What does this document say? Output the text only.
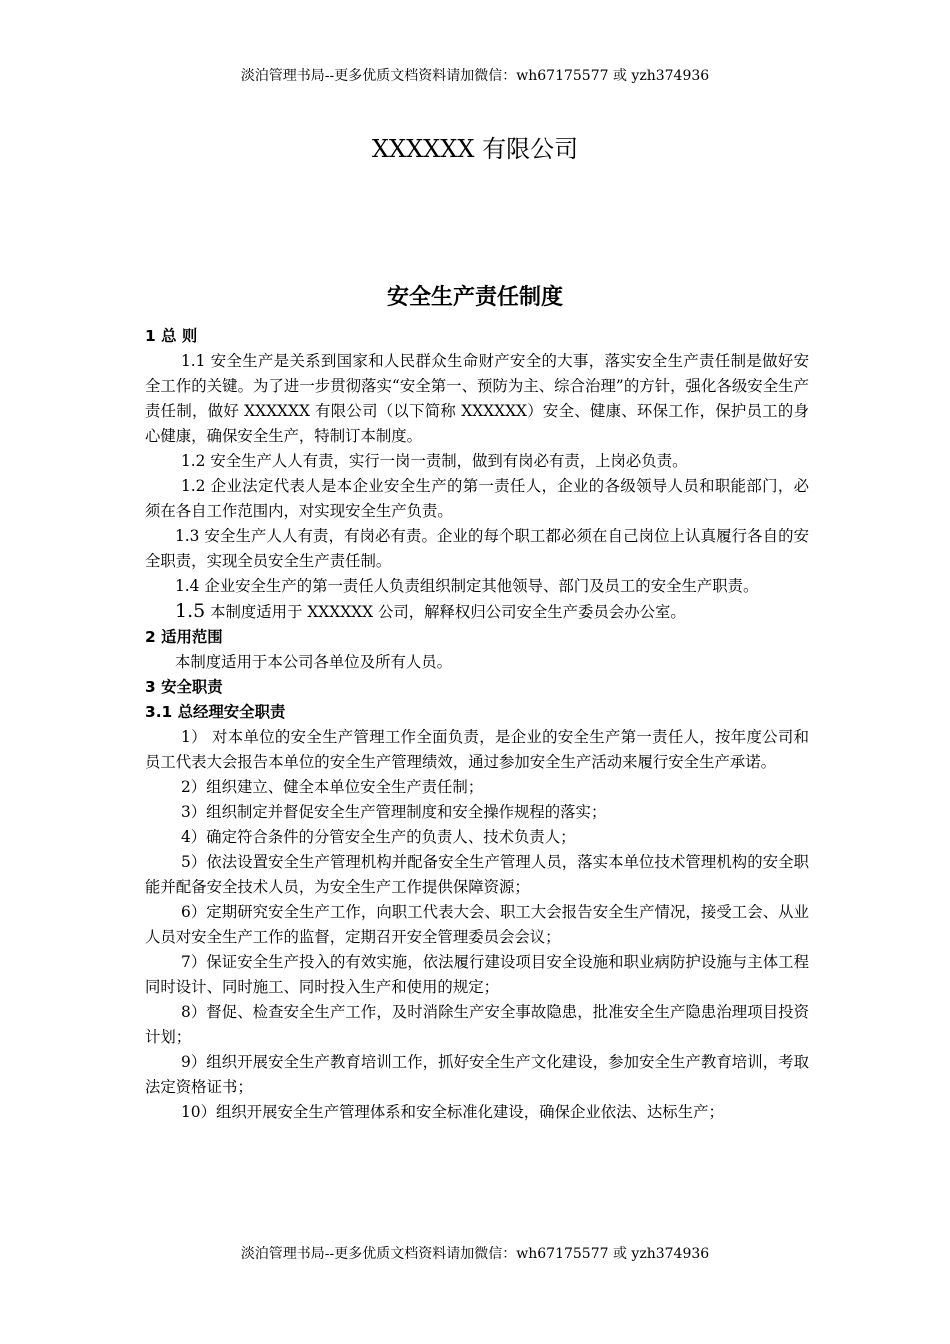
淡泊管理书局--更多优质文档资料请加微信：wh67175577 或 yzh374936
XXXXXX 有限公司
安全生产责任制度

1 总 则

1.1 安全生产是关系到国家和人民群众生命财产安全的大事，落实安全生产责任制是做好安全工作的关键。为了进一步贯彻落实“安全第一、预防为主、综合治理”的方针，强化各级安全生产责任制，做好 XXXXXX 有限公司（以下简称 XXXXXX）安全、健康、环保工作，保护员工的身心健康，确保安全生产，特制订本制度。

1.2 安全生产人人有责，实行一岗一责制，做到有岗必有责，上岗必负责。

1.2 企业法定代表人是本企业安全生产的第一责任人，企业的各级领导人员和职能部门，必须在各自工作范围内，对实现安全生产负责。

1.3 安全生产人人有责，有岗必有责。企业的每个职工都必须在自己岗位上认真履行各自的安全职责，实现全员安全生产责任制。

1.4 企业安全生产的第一责任人负责组织制定其他领导、部门及员工的安全生产职责。

1.5 本制度适用于 XXXXXX 公司，解释权归公司安全生产委员会办公室。

2 适用范围

本制度适用于本公司各单位及所有人员。

3 安全职责

3.1 总经理安全职责

1） 对本单位的安全生产管理工作全面负责，是企业的安全生产第一责任人，按年度公司和员工代表大会报告本单位的安全生产管理绩效，通过参加安全生产活动来履行安全生产承诺。

2）组织建立、健全本单位安全生产责任制；

3）组织制定并督促安全生产管理制度和安全操作规程的落实；

4）确定符合条件的分管安全生产的负责人、技术负责人；

5）依法设置安全生产管理机构并配备安全生产管理人员，落实本单位技术管理机构的安全职能并配备安全技术人员，为安全生产工作提供保障资源；

6）定期研究安全生产工作，向职工代表大会、职工大会报告安全生产情况，接受工会、从业人员对安全生产工作的监督，定期召开安全管理委员会会议；

7）保证安全生产投入的有效实施，依法履行建设项目安全设施和职业病防护设施与主体工程同时设计、同时施工、同时投入生产和使用的规定；

8）督促、检查安全生产工作，及时消除生产安全事故隐患，批准安全生产隐患治理项目投资计划；

9）组织开展安全生产教育培训工作，抓好安全生产文化建设，参加安全生产教育培训，考取法定资格证书；

10）组织开展安全生产管理体系和安全标准化建设，确保企业依法、达标生产；

淡泊管理书局--更多优质文档资料请加微信：wh67175577 或 yzh374936
